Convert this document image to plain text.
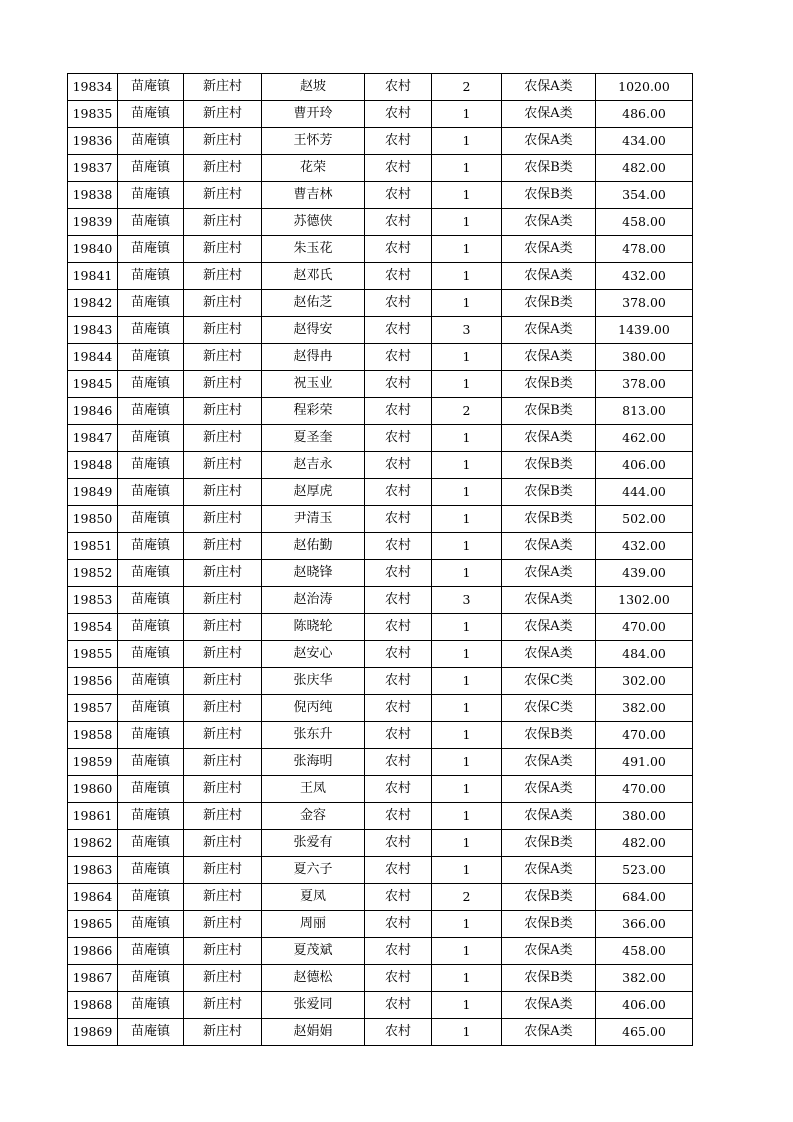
19834	苗庵镇	新庄村	赵坡	农村	2	农保A类	1020.00
19835	苗庵镇	新庄村	曹开玲	农村	1	农保A类	486.00
19836	苗庵镇	新庄村	王怀芳	农村	1	农保A类	434.00
19837	苗庵镇	新庄村	花荣	农村	1	农保B类	482.00
19838	苗庵镇	新庄村	曹吉林	农村	1	农保B类	354.00
19839	苗庵镇	新庄村	苏德侠	农村	1	农保A类	458.00
19840	苗庵镇	新庄村	朱玉花	农村	1	农保A类	478.00
19841	苗庵镇	新庄村	赵邓氏	农村	1	农保A类	432.00
19842	苗庵镇	新庄村	赵佑芝	农村	1	农保B类	378.00
19843	苗庵镇	新庄村	赵得安	农村	3	农保A类	1439.00
19844	苗庵镇	新庄村	赵得冉	农村	1	农保A类	380.00
19845	苗庵镇	新庄村	祝玉业	农村	1	农保B类	378.00
19846	苗庵镇	新庄村	程彩荣	农村	2	农保B类	813.00
19847	苗庵镇	新庄村	夏圣奎	农村	1	农保A类	462.00
19848	苗庵镇	新庄村	赵吉永	农村	1	农保B类	406.00
19849	苗庵镇	新庄村	赵厚虎	农村	1	农保B类	444.00
19850	苗庵镇	新庄村	尹清玉	农村	1	农保B类	502.00
19851	苗庵镇	新庄村	赵佑勤	农村	1	农保A类	432.00
19852	苗庵镇	新庄村	赵晓锋	农村	1	农保A类	439.00
19853	苗庵镇	新庄村	赵治涛	农村	3	农保A类	1302.00
19854	苗庵镇	新庄村	陈晓轮	农村	1	农保A类	470.00
19855	苗庵镇	新庄村	赵安心	农村	1	农保A类	484.00
19856	苗庵镇	新庄村	张庆华	农村	1	农保C类	302.00
19857	苗庵镇	新庄村	倪丙纯	农村	1	农保C类	382.00
19858	苗庵镇	新庄村	张东升	农村	1	农保B类	470.00
19859	苗庵镇	新庄村	张海明	农村	1	农保A类	491.00
19860	苗庵镇	新庄村	王凤	农村	1	农保A类	470.00
19861	苗庵镇	新庄村	金容	农村	1	农保A类	380.00
19862	苗庵镇	新庄村	张爱有	农村	1	农保B类	482.00
19863	苗庵镇	新庄村	夏六子	农村	1	农保A类	523.00
19864	苗庵镇	新庄村	夏凤	农村	2	农保B类	684.00
19865	苗庵镇	新庄村	周丽	农村	1	农保B类	366.00
19866	苗庵镇	新庄村	夏茂斌	农村	1	农保A类	458.00
19867	苗庵镇	新庄村	赵德松	农村	1	农保B类	382.00
19868	苗庵镇	新庄村	张爱同	农村	1	农保A类	406.00
19869	苗庵镇	新庄村	赵娟娟	农村	1	农保A类	465.00
